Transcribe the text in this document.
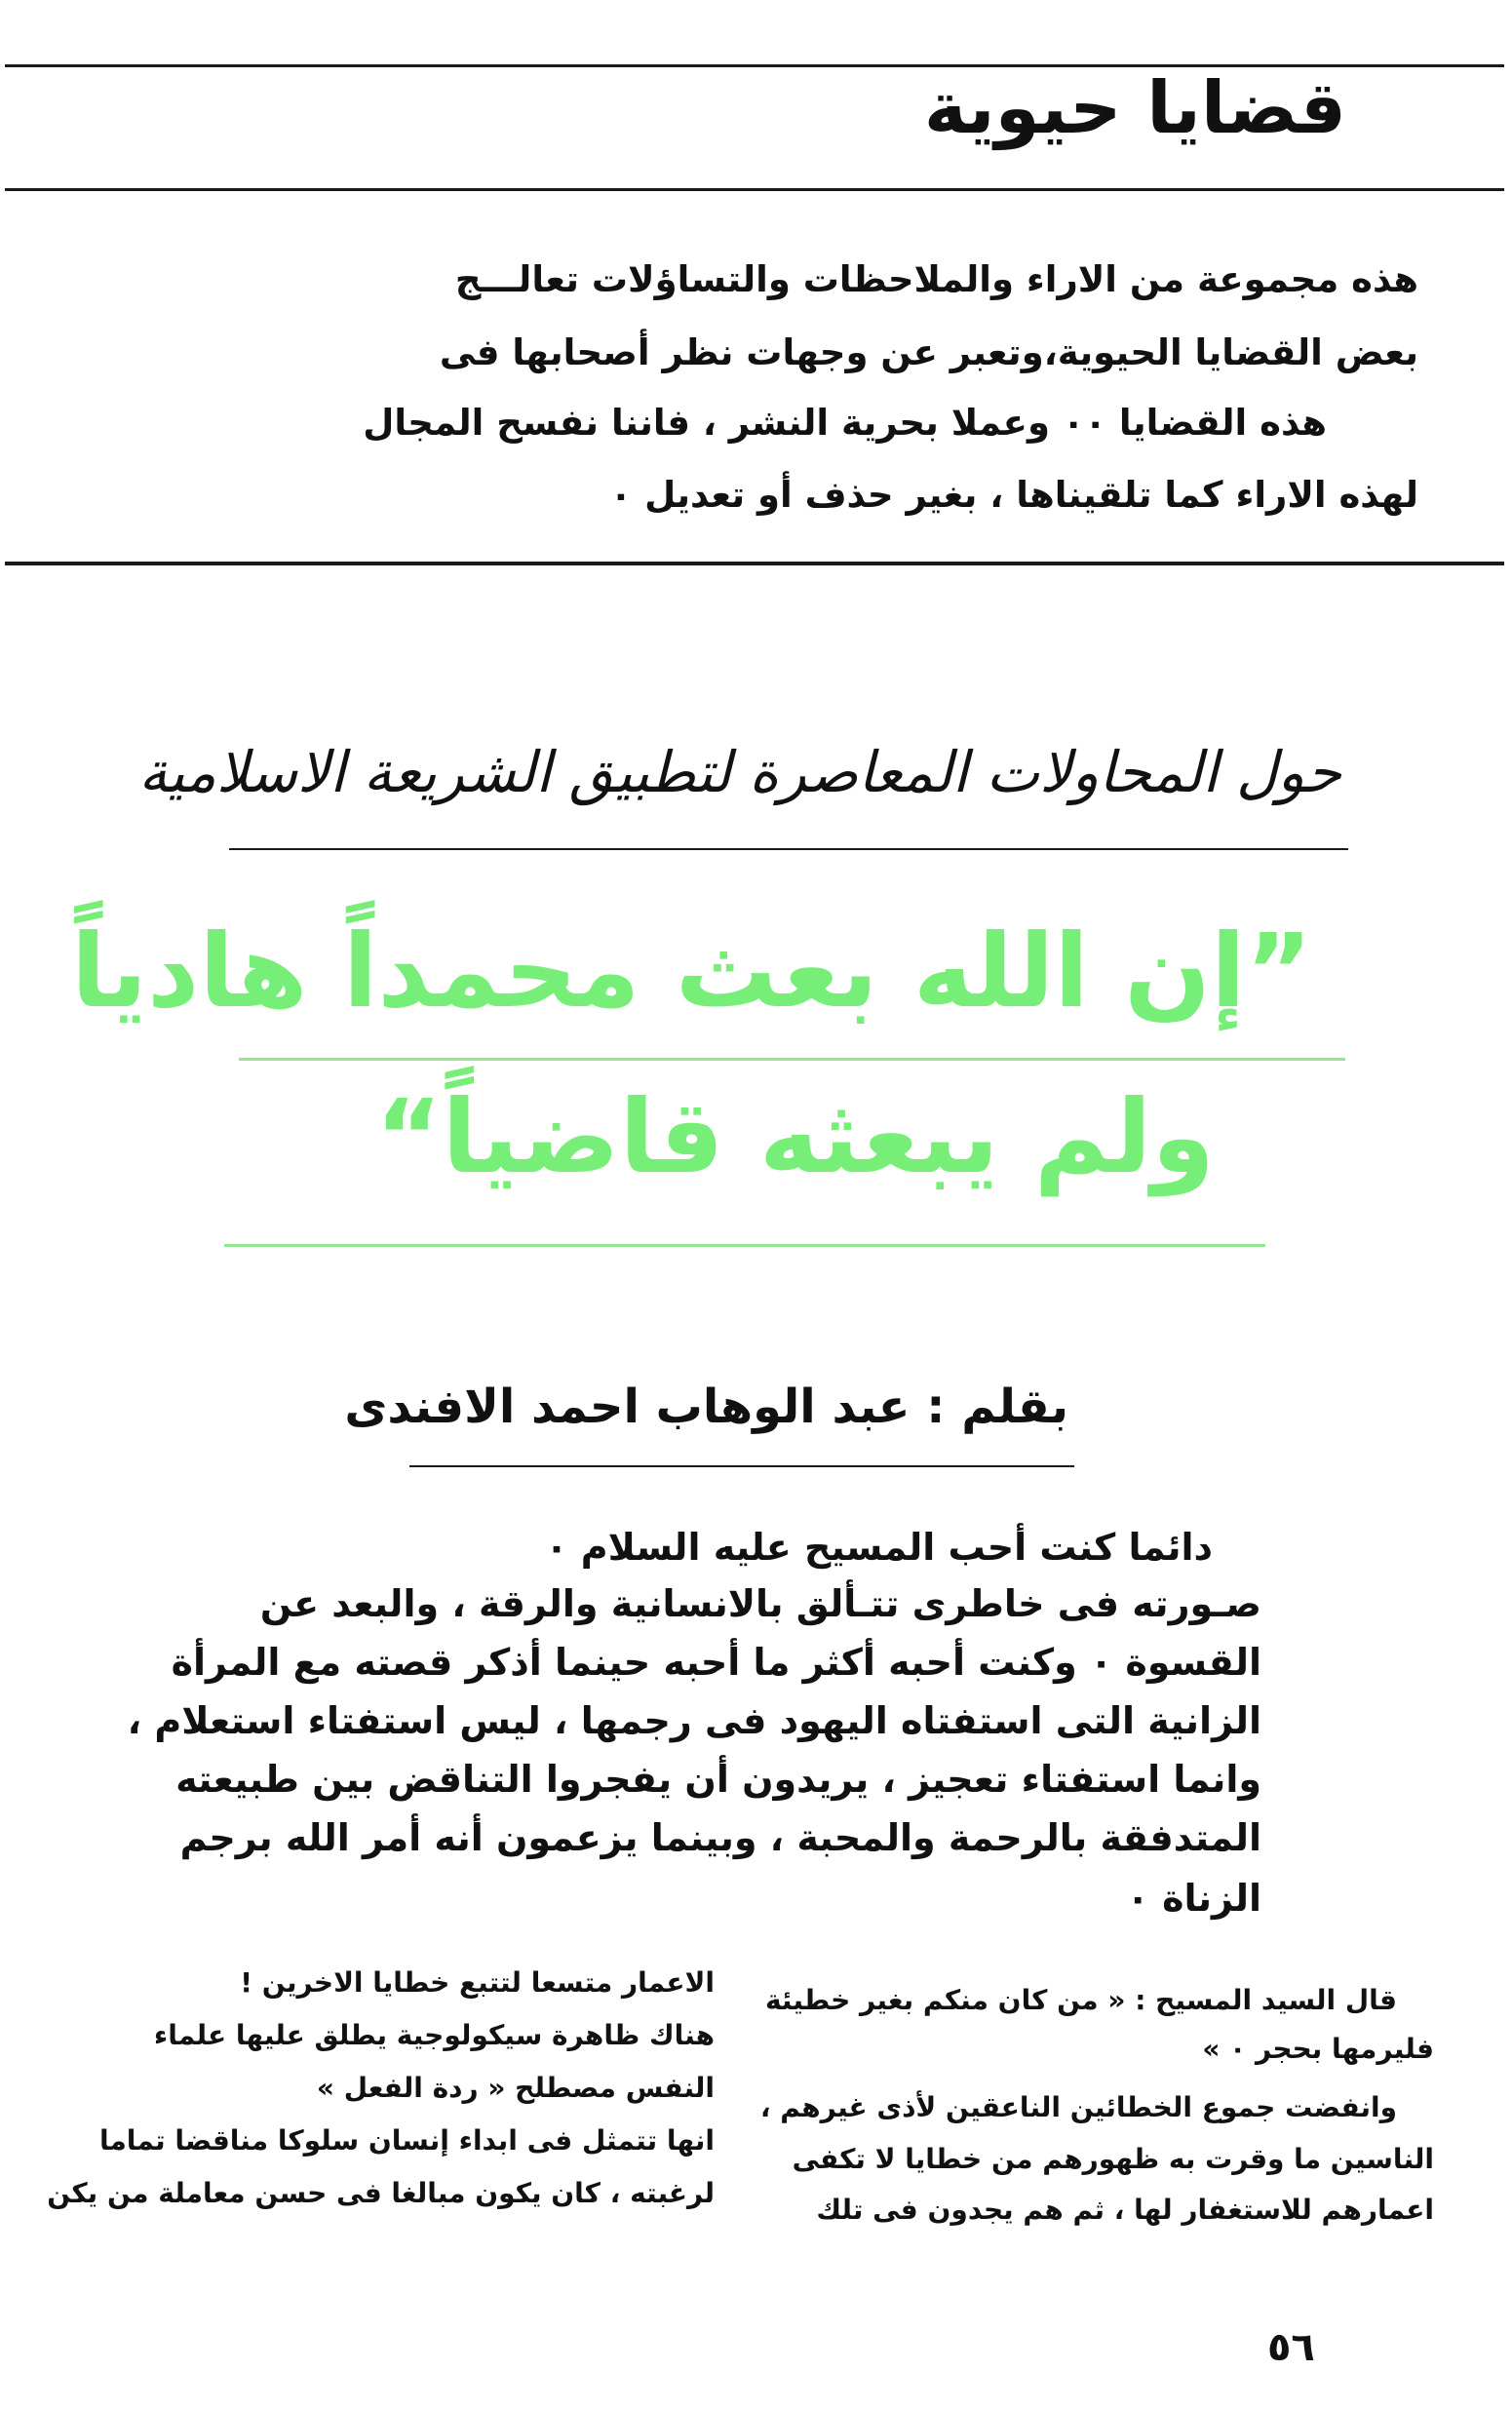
قضايا حيوية

هذه مجموعة من الاراء والملاحظات والتساؤلات تعالـــج

بعض القضايا الحيوية،وتعبر عن وجهات نظر أصحابها فى

هذه القضايا ٠٠ وعملا بحرية النشر ، فاننا نفسح المجال

لهذه الاراء كما تلقيناها ، بغير حذف أو تعديل ٠

حول المحاولات المعاصرة لتطبيق الشريعة الاسلامية
”إن الله بعث محمداً هادياً
ولم يبعثه قاضياً“
بقلم : عبد الوهاب احمد الافندى
دائما كنت أحب المسيح عليه السلام ٠
صـورته فى خاطرى تتـألق بالانسانية والرقة ، والبعد عن
القسوة ٠ وكنت أحبه أكثر ما أحبه حينما أذكر قصته مع المرأة
الزانية التى استفتاه اليهود فى رجمها ، ليس استفتاء استعلام ،
وانما استفتاء تعجيز ، يريدون أن يفجروا التناقض بين طبيعته
المتدفقة بالرحمة والمحبة ، وبينما يزعمون أنه أمر الله برجم
الزناة ٠
قال السيد المسيح : « من كان منكم بغير خطيئة
فليرمها بحجر ٠ »
وانفضت جموع الخطائين الناعقين لأذى غيرهم ،
الناسين ما وقرت به ظهورهم من خطايا لا تكفى
اعمارهم للاستغفار لها ، ثم هم يجدون فى تلك
الاعمار متسعا لتتبع خطايا الاخرين !
هناك ظاهرة سيكولوجية يطلق عليها علماء
النفس مصطلح « ردة الفعل »
انها تتمثل فى ابداء إنسان سلوكا مناقضا تماما
لرغبته ، كان يكون مبالغا فى حسن معاملة من يكن
٥٦
